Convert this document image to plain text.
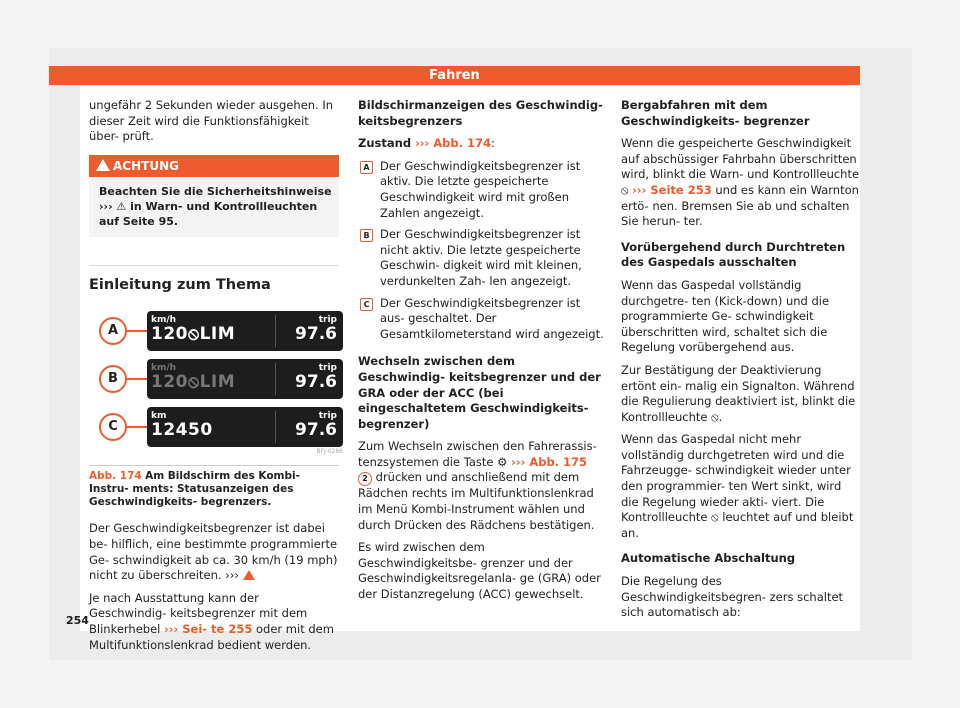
Fahren

ungefähr 2 Sekunden wieder ausgehen. In dieser Zeit wird die Funktionsfähigkeit über- prüft.

ACHTUNG
Beachten Sie die Sicherheitshinweise ››› ⚠ in Warn- und Kontrollleuchten auf Seite 95.
Einleitung zum Thema
A
km/h
120⦸LIM
trip
97.6
B
km/h
120⦸LIM
trip
97.6
C
km
12450
trip
97.6
BFJ-0286
Abb. 174 Am Bildschirm des Kombi-Instru- ments: Statusanzeigen des Geschwindigkeits- begrenzers.

Der Geschwindigkeitsbegrenzer ist dabei be- hilflich, eine bestimmte programmierte Ge- schwindigkeit ab ca. 30 km/h (19 mph) nicht zu überschreiten. ›››

Je nach Ausstattung kann der Geschwindig- keitsbegrenzer mit dem Blinkerhebel ››› Sei- te 255 oder mit dem Multifunktionslenkrad bedient werden.

Bildschirmanzeigen des Geschwindig- keitsbegrenzers

Zustand ››› Abb. 174:

A Der Geschwindigkeitsbegrenzer ist aktiv. Die letzte gespeicherte Geschwindigkeit wird mit großen Zahlen angezeigt.
B Der Geschwindigkeitsbegrenzer ist nicht aktiv. Die letzte gespeicherte Geschwin- digkeit wird mit kleinen, verdunkelten Zah- len angezeigt.
C Der Geschwindigkeitsbegrenzer ist aus- geschaltet. Der Gesamtkilometerstand wird angezeigt.

Wechseln zwischen dem Geschwindig- keitsbegrenzer und der GRA oder der ACC (bei eingeschaltetem Geschwindigkeits- begrenzer)

Zum Wechseln zwischen den Fahrerassis- tenzsystemen die Taste ⚙ ››› Abb. 175 2 drücken und anschließend mit dem Rädchen rechts im Multifunktionslenkrad im Menü Kombi-Instrument wählen und durch Drücken des Rädchens bestätigen.

Es wird zwischen dem Geschwindigkeitsbe- grenzer und der Geschwindigkeitsregelanla- ge (GRA) oder der Distanzregelung (ACC) gewechselt.

Bergabfahren mit dem Geschwindigkeits- begrenzer

Wenn die gespeicherte Geschwindigkeit auf abschüssiger Fahrbahn überschritten wird, blinkt die Warn- und Kontrollleuchte ⦸ ››› Seite 253 und es kann ein Warnton ertö- nen. Bremsen Sie ab und schalten Sie herun- ter.

Vorübergehend durch Durchtreten des Gaspedals ausschalten

Wenn das Gaspedal vollständig durchgetre- ten (Kick-down) und die programmierte Ge- schwindigkeit überschritten wird, schaltet sich die Regelung vorübergehend aus.

Zur Bestätigung der Deaktivierung ertönt ein- malig ein Signalton. Während die Regulierung deaktiviert ist, blinkt die Kontrollleuchte ⦸.

Wenn das Gaspedal nicht mehr vollständig durchgetreten wird und die Fahrzeugge- schwindigkeit wieder unter den programmier- ten Wert sinkt, wird die Regelung wieder akti- viert. Die Kontrollleuchte ⦸ leuchtet auf und bleibt an.

Automatische Abschaltung

Die Regelung des Geschwindigkeitsbegren- zers schaltet sich automatisch ab:

254
